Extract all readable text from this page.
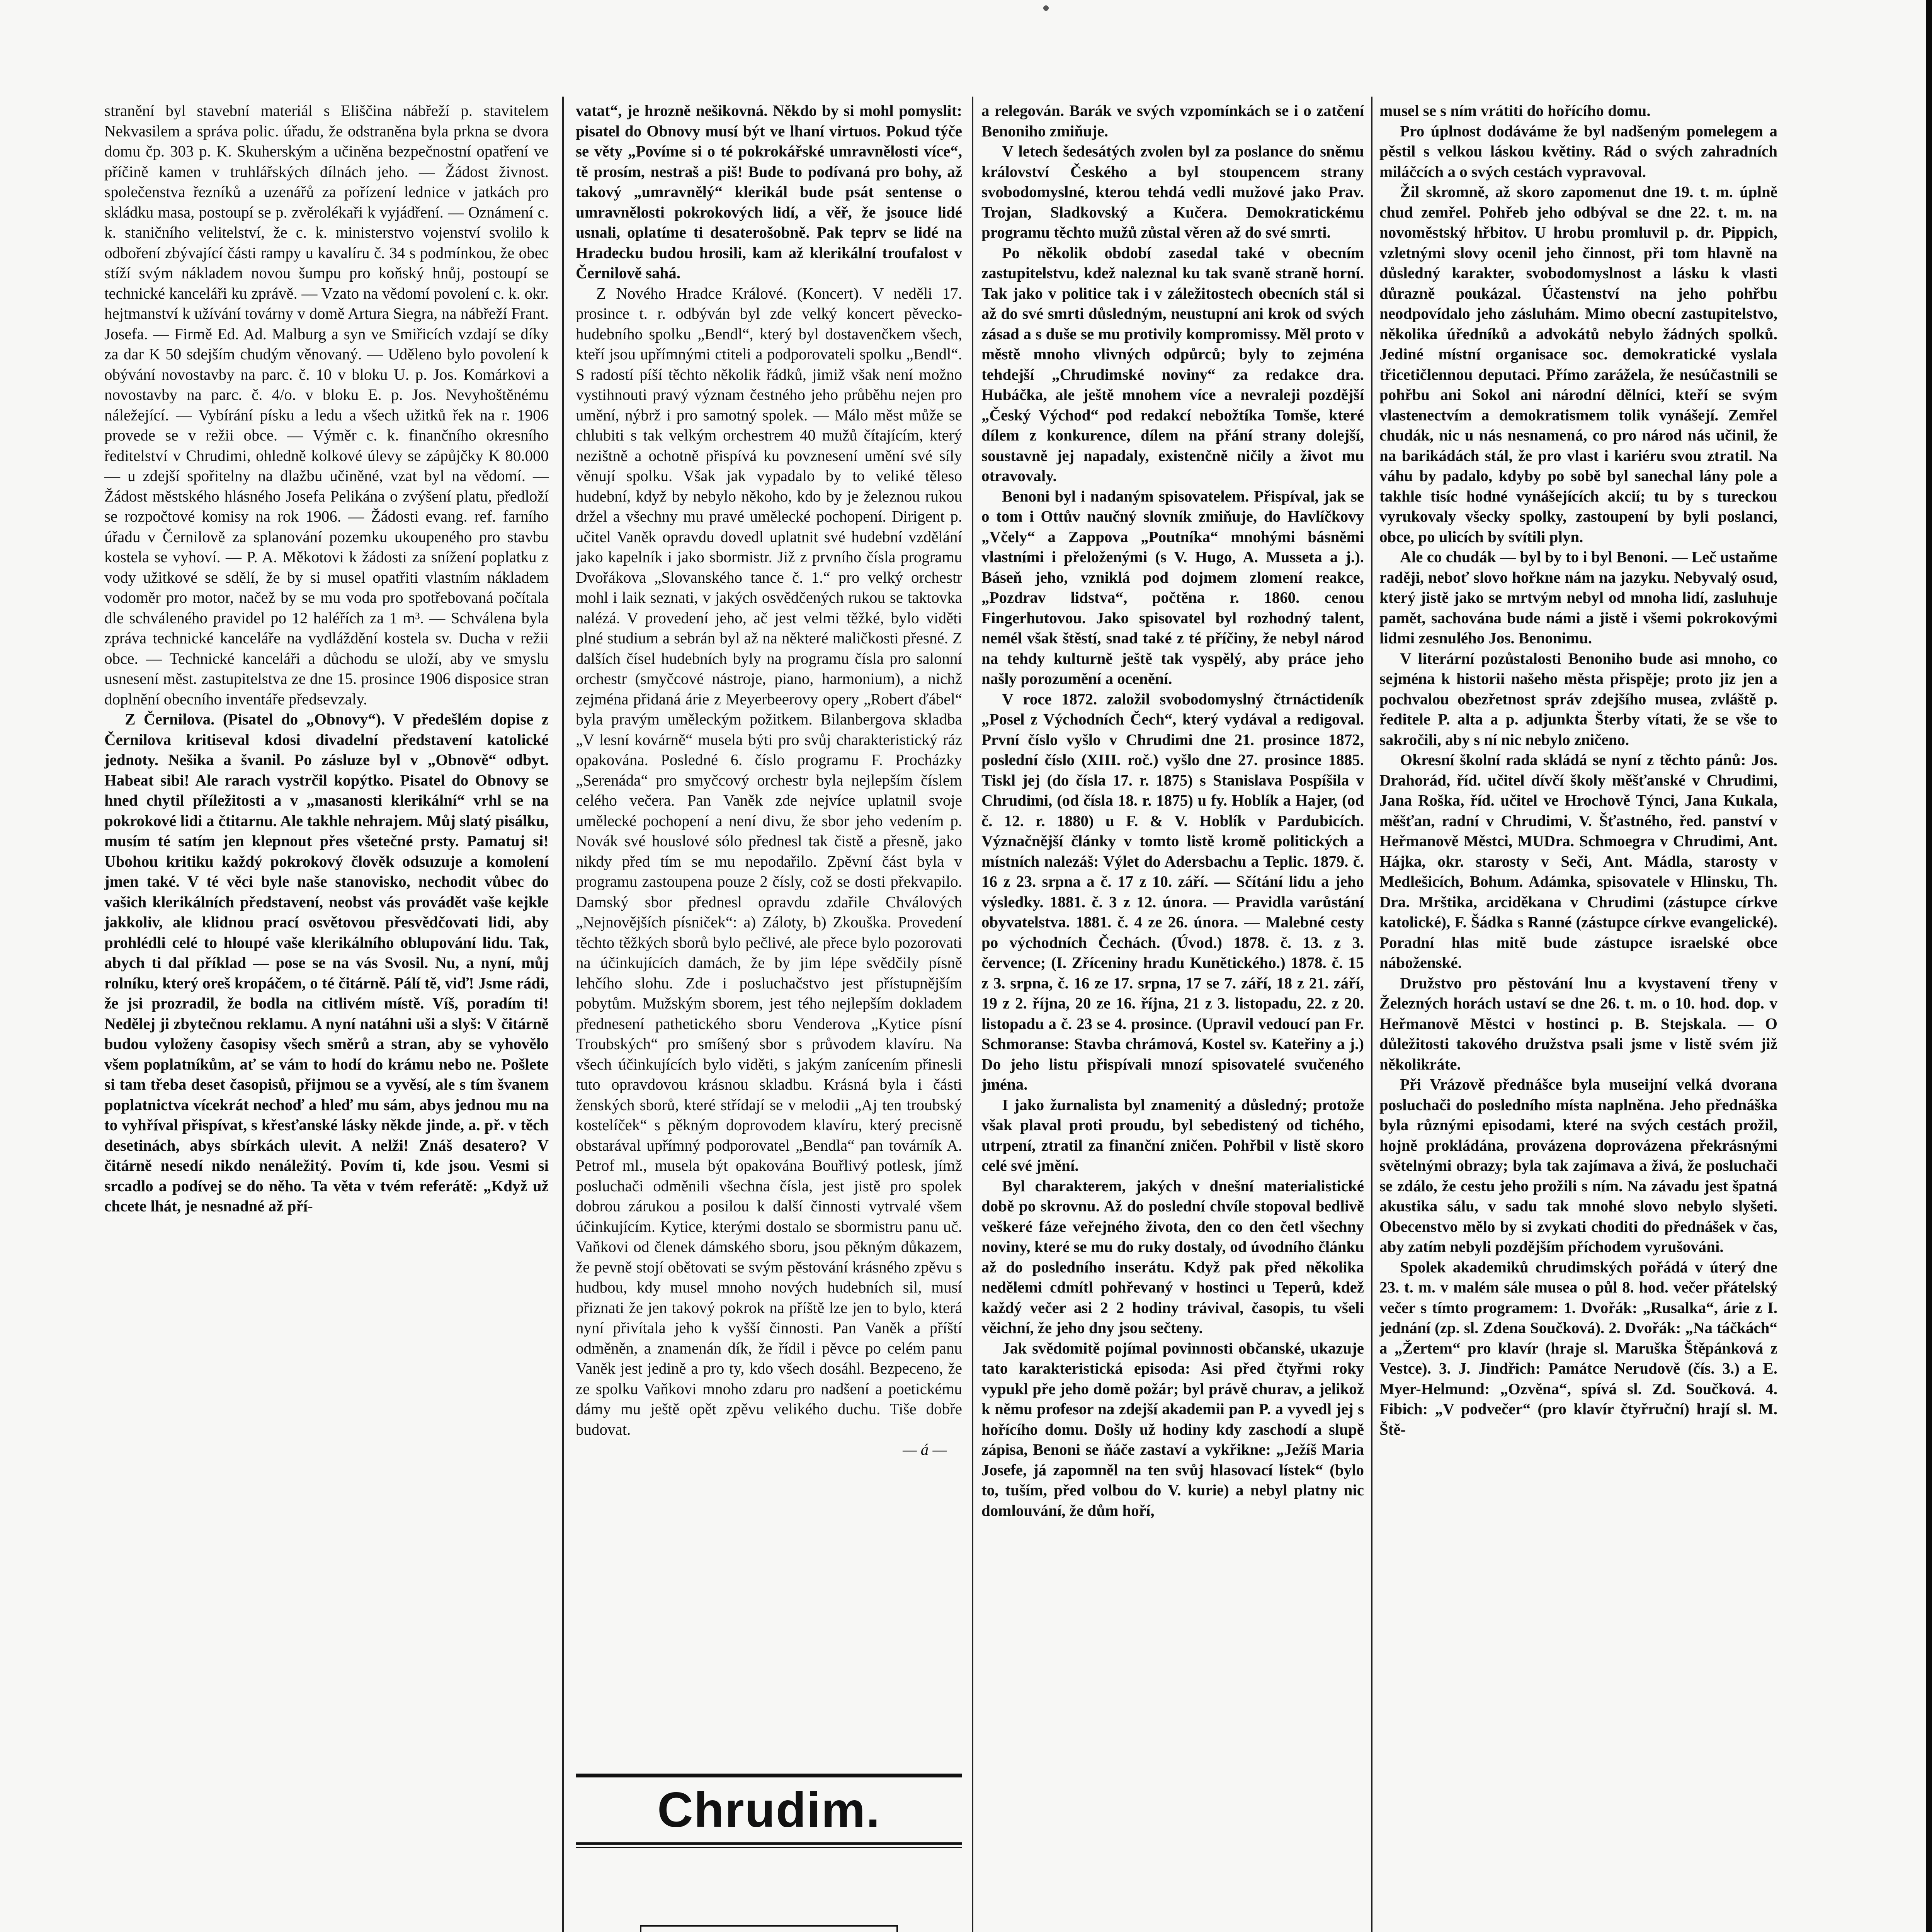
stranění byl stavební materiál s Eliščina nábřeží p. stavitelem Nekvasilem a správa polic. úřadu, že odstraněna byla prkna se dvora domu čp. 303 p. K. Skuherským a učiněna bezpečnostní opatření ve příčině kamen v truhlářských dílnách jeho. — Žádost živnost. společenstva řezníků a uzenářů za pořízení lednice v jatkách pro skládku masa, postoupí se p. zvěrolékaři k vyjádření. — Oznámení c. k. staničního velitelství, že c. k. ministerstvo vojenství svolilo k odboření zbývající části rampy u kavalíru č. 34 s podmínkou, že obec stíží svým nákladem novou šumpu pro koňský hnůj, postoupí se technické kanceláři ku zprávě. — Vzato na vědomí povolení c. k. okr. hejtmanství k užívání továrny v domě Artura Siegra, na nábřeží Frant. Josefa. — Firmě Ed. Ad. Malburg a syn ve Smiřicích vzdají se díky za dar K 50 sdejším chudým věnovaný. — Uděleno bylo povolení k obývání novostavby na parc. č. 10 v bloku U. p. Jos. Komárkovi a novostavby na parc. č. 4/o. v bloku E. p. Jos. Nevyhoštěnému náležející. — Vybírání písku a ledu a všech užitků řek na r. 1906 provede se v režii obce. — Výměr c. k. finančního okresního ředitelství v Chrudimi, ohledně kolkové úlevy se zápůjčky K 80.000 — u zdejší spořitelny na dlažbu učiněné, vzat byl na vědomí. — Žádost městského hlásného Josefa Pelikána o zvýšení platu, předloží se rozpočtové komisy na rok 1906. — Žádosti evang. ref. farního úřadu v Černilově za splanování pozemku ukoupeného pro stavbu kostela se vyhoví. — P. A. Měkotovi k žádosti za snížení poplatku z vody užitkové se sdělí, že by si musel opatřiti vlastním nákladem vodoměr pro motor, načež by se mu voda pro spotřebovaná počítala dle schváleného pravidel po 12 haléřích za 1 m³. — Schválena byla zpráva technické kanceláře na vydláždění kostela sv. Ducha v režii obce. — Technické kanceláři a důchodu se uloží, aby ve smyslu usnesení měst. zastupitelstva ze dne 15. prosince 1906 disposice stran doplnění obecního inventáře předsevzaly.

Z Černilova. (Pisatel do „Obnovy“). V předešlém dopise z Černilova kritiseval kdosi divadelní představení katolické jednoty. Nešika a švanil. Po zásluze byl v „Obnově“ odbyt. Habeat sibi! Ale rarach vystrčil kopýtko. Pisatel do Obnovy se hned chytil příležitosti a v „masanosti klerikální“ vrhl se na pokrokové lidi a čtitarnu. Ale takhle nehrajem. Můj slatý pisálku, musím té satím jen klepnout přes všetečné prsty. Pamatuj si! Ubohou kritiku každý pokrokový člověk odsuzuje a komolení jmen také. V té věci byle naše stanovisko, nechodit vůbec do vašich klerikálních představení, neobst vás provádět vaše kejkle jakkoliv, ale klidnou prací osvětovou přesvědčovati lidi, aby prohlédli celé to hloupé vaše klerikálního oblupování lidu. Tak, abych ti dal příklad — pose se na vás Svosil. Nu, a nyní, můj rolníku, který oreš kropáčem, o té čitárně. Pálí tě, viď! Jsme rádi, že jsi prozradil, že bodla na citlivém místě. Víš, poradím ti! Nedělej ji zbytečnou reklamu. A nyní natáhni uši a slyš: V čitárně budou vyloženy časopisy všech směrů a stran, aby se vyhovělo všem poplatníkům, ať se vám to hodí do krámu nebo ne. Pošlete si tam třeba deset časopisů, přijmou se a vyvěsí, ale s tím švanem poplatnictva vícekrát nechoď a hleď mu sám, abys jednou mu na to vyhříval přispívat, s křesťanské lásky někde jinde, a. př. v těch desetinách, abys sbírkách ulevit. A nelži! Znáš desatero? V čitárně nesedí nikdo nenáležitý. Povím ti, kde jsou. Vesmi si srcadlo a podívej se do něho. Ta věta v tvém referátě: „Když už chcete lhát, je nesnadné až pří-

vatat“, je hrozně nešikovná. Někdo by si mohl pomyslit: pisatel do Obnovy musí být ve lhaní virtuos. Pokud týče se věty „Povíme si o té pokrokářské umravnělosti více“, tě prosím, nestraš a piš! Bude to podívaná pro bohy, až takový „umravnělý“ klerikál bude psát sentense o umravnělosti pokrokových lidí, a věř, že jsouce lidé usnali, oplatíme ti desaterošobně. Pak teprv se lidé na Hradecku budou hrosili, kam až klerikální troufalost v Černilově sahá.

Z Nového Hradce Králové. (Koncert). V neděli 17. prosince t. r. odbýván byl zde velký koncert pěvecko-hudebního spolku „Bendl“, který byl dostavenčkem všech, kteří jsou upřímnými ctiteli a podporovateli spolku „Bendl“. S radostí píší těchto několik řádků, jimiž však není možno vystihnouti pravý význam čestného jeho průběhu nejen pro umění, nýbrž i pro samotný spolek. — Málo měst může se chlubiti s tak velkým orchestrem 40 mužů čítajícím, který nezištně a ochotně přispívá ku povznesení umění své síly věnují spolku. Však jak vypadalo by to veliké těleso hudební, když by nebylo někoho, kdo by je železnou rukou držel a všechny mu pravé umělecké pochopení. Dirigent p. učitel Vaněk opravdu dovedl uplatnit své hudební vzdělání jako kapelník i jako sbormistr. Již z prvního čísla programu Dvořákova „Slovanského tance č. 1.“ pro velký orchestr mohl i laik seznati, v jakých osvědčených rukou se taktovka nalézá. V provedení jeho, ač jest velmi těžké, bylo viděti plné studium a sebrán byl až na některé maličkosti přesné. Z dalších čísel hudebních byly na programu čísla pro salonní orchestr (smyčcové nástroje, piano, harmonium), a nichž zejména přidaná árie z Meyerbeerovy opery „Robert ďábel“ byla pravým uměleckým požitkem. Bilanbergova skladba „V lesní kovárně“ musela býti pro svůj charakteristický ráz opakována. Posledné 6. číslo programu F. Procházky „Serenáda“ pro smyčcový orchestr byla nejlepším číslem celého večera. Pan Vaněk zde nejvíce uplatnil svoje umělecké pochopení a není divu, že sbor jeho vedením p. Novák své houslové sólo přednesl tak čistě a přesně, jako nikdy před tím se mu nepodařilo. Zpěvní část byla v programu zastoupena pouze 2 čísly, což se dosti překvapilo. Damský sbor přednesl opravdu zdařile Chválových „Nejnovějších písniček“: a) Záloty, b) Zkouška. Provedení těchto těžkých sborů bylo pečlivé, ale přece bylo pozorovati na účinkujících damách, že by jim lépe svědčily písně lehčího slohu. Zde i posluchačstvo jest přístupnějším pobytům. Mužským sborem, jest tého nejlepším dokladem přednesení pathetického sboru Venderova „Kytice písní Troubských“ pro smíšený sbor s průvodem klavíru. Na všech účinkujících bylo viděti, s jakým zanícením přinesli tuto opravdovou krásnou skladbu. Krásná byla i části ženských sborů, které střídají se v melodii „Aj ten troubský kostelíček“ s pěkným doprovodem klavíru, který precisně obstarával upřímný podporovatel „Bendla“ pan továrník A. Petrof ml., musela být opakována Bouřlivý potlesk, jímž posluchači odměnili všechna čísla, jest jistě pro spolek dobrou zárukou a posilou k další činnosti vytrvalé všem účinkujícím. Kytice, kterými dostalo se sbormistru panu uč. Vaňkovi od členek dámského sboru, jsou pěkným důkazem, že pevně stojí obětovati se svým pěstování krásného zpěvu s hudbou, kdy musel mnoho nových hudebních sil, musí přiznati že jen takový pokrok na příště lze jen to bylo, která nyní přivítala jeho k vyšší činnosti. Pan Vaněk a příští odměněn, a znamenán dík, že řídil i pěvce po celém panu Vaněk jest jedině a pro ty, kdo všech dosáhl. Bezpeceno, že ze spolku Vaňkovi mnoho zdaru pro nadšení a poetickému dámy mu ještě opět zpěvu velikého duchu. Tiše dobře budovat.

— á —

Chrudim.

a relegován. Barák ve svých vzpomínkách se i o zatčení Benoniho zmiňuje.

V letech šedesátých zvolen byl za poslance do sněmu království Českého a byl stoupencem strany svobodomyslné, kterou tehdá vedli mužové jako Prav. Trojan, Sladkovský a Kučera. Demokratickému programu těchto mužů zůstal věren až do své smrti.

Po několik období zasedal také v obecním zastupitelstvu, kdež naleznal ku tak svaně straně horní. Tak jako v politice tak i v záležitostech obecních stál si až do své smrti důsledným, neustupní ani krok od svých zásad a s duše se mu protivily kompromissy. Měl proto v městě mnoho vlivných odpůrců; byly to zejména tehdejší „Chrudimské noviny“ za redakce dra. Hubáčka, ale ještě mnohem více a nevraleji pozdější „Český Východ“ pod redakcí nebožtíka Tomše, které dílem z konkurence, dílem na přání strany dolejší, soustavně jej napadaly, existenčně ničily a život mu otravovaly.

Benoni byl i nadaným spisovatelem. Přispíval, jak se o tom i Ottův naučný slovník zmiňuje, do Havlíčkovy „Včely“ a Zappova „Poutníka“ mnohými básněmi vlastními i přeloženými (s V. Hugo, A. Musseta a j.). Báseň jeho, vzniklá pod dojmem zlomení reakce, „Pozdrav lidstva“, počtěna r. 1860. cenou Fingerhutovou. Jako spisovatel byl rozhodný talent, nemél však štěstí, snad také z té příčiny, že nebyl národ na tehdy kulturně ještě tak vyspělý, aby práce jeho našly porozumění a ocenění.

V roce 1872. založil svobodomyslný čtrnáctideník „Posel z Východních Čech“, který vydával a redigoval. První číslo vyšlo v Chrudimi dne 21. prosince 1872, poslední číslo (XIII. roč.) vyšlo dne 27. prosince 1885. Tiskl jej (do čísla 17. r. 1875) s Stanislava Pospíšila v Chrudimi, (od čísla 18. r. 1875) u fy. Hoblík a Hajer, (od č. 12. r. 1880) u F. & V. Hoblík v Pardubicích. Význačnější články v tomto listě kromě politických a místních nalezáš: Výlet do Adersbachu a Teplic. 1879. č. 16 z 23. srpna a č. 17 z 10. září. — Sčítání lidu a jeho výsledky. 1881. č. 3 z 12. února. — Pravidla varůstání obyvatelstva. 1881. č. 4 ze 26. února. — Malebné cesty po východních Čechách. (Úvod.) 1878. č. 13. z 3. července; (I. Zříceniny hradu Kunětického.) 1878. č. 15 z 3. srpna, č. 16 ze 17. srpna, 17 se 7. září, 18 z 21. září, 19 z 2. října, 20 ze 16. října, 21 z 3. listopadu, 22. z 20. listopadu a č. 23 se 4. prosince. (Upravil vedoucí pan Fr. Schmoranse: Stavba chrámová, Kostel sv. Kateřiny a j.) Do jeho listu přispívali mnozí spisovatelé svučeného jména.

I jako žurnalista byl znamenitý a důsledný; protože však plaval proti proudu, byl sebedistený od tichého, utrpení, ztratil za finanční zničen. Pohřbil v listě skoro celé své jmění.

Byl charakterem, jakých v dnešní materialistické době po skrovnu. Až do poslední chvíle stopoval bedlivě veškeré fáze veřejného života, den co den četl všechny noviny, které se mu do ruky dostaly, od úvodního článku až do posledního inserátu. Když pak před několika nedělemi cdmítl pohřevaný v hostinci u Teperů, kdež každý večer asi 2 2 hodiny trávival, časopis, tu všeli věichní, že jeho dny jsou sečteny.

Jak svědomitě pojímal povinnosti občanské, ukazuje tato karakteristická episoda: Asi před čtyřmi roky vypukl pře jeho domě požár; byl právě churav, a jelikož k němu profesor na zdejší akademii pan P. a vyvedl jej s hořícího domu. Došly už hodiny kdy zaschodí a slupě zápisa, Benoni se ňáče zastaví a vykřikne: „Ježíš Maria Josefe, já zapomněl na ten svůj hlasovací lístek“ (bylo to, tuším, před volbou do V. kurie) a nebyl platny nic domlouvání, že dům hoří,

musel se s ním vrátiti do hořícího domu.

Pro úplnost dodáváme že byl nadšeným pomelegem a pěstil s velkou láskou květiny. Rád o svých zahradních miláčcích a o svých cestách vypravoval.

Žil skromně, až skoro zapomenut dne 19. t. m. úplně chud zemřel. Pohřeb jeho odbýval se dne 22. t. m. na novoměstský hřbitov. U hrobu promluvil p. dr. Pippich, vzletnými slovy ocenil jeho činnost, při tom hlavně na důsledný karakter, svobodomyslnost a lásku k vlasti důrazně poukázal. Účastenství na jeho pohřbu neodpovídalo jeho zásluhám. Mimo obecní zastupitelstvo, několika úředníků a advokátů nebylo žádných spolků. Jediné místní organisace soc. demokratické vyslala třicetičlennou deputaci. Přímo zarážela, že nesúčastnili se pohřbu ani Sokol ani národní dělníci, kteří se svým vlastenectvím a demokratismem tolik vynášejí. Zemřel chudák, nic u nás nesnamená, co pro národ nás učinil, že na barikádách stál, že pro vlast i kariéru svou ztratil. Na váhu by padalo, kdyby po sobě byl sanechal lány pole a takhle tisíc hodné vynášejících akcií; tu by s tureckou vyrukovaly všecky spolky, zastoupení by byli poslanci, obce, po ulicích by svítili plyn.

Ale co chudák — byl by to i byl Benoni. — Leč ustaňme raději, neboť slovo hořkne nám na jazyku. Nebyvalý osud, který jistě jako se mrtvým nebyl od mnoha lidí, zasluhuje pamět, sachována bude námi a jistě i všemi pokrokovými lidmi zesnulého Jos. Benonimu.

V literární pozůstalosti Benoniho bude asi mnoho, co sejména k historii našeho města přispěje; proto jiz jen a pochvalou obezřetnost správ zdejšího musea, zvláště p. ředitele P. alta a p. adjunkta Šterby vítati, že se vše to sakročili, aby s ní nic nebylo zničeno.

Okresní školní rada skládá se nyní z těchto pánů: Jos. Drahorád, říd. učitel dívčí školy měšťanské v Chrudimi, Jana Roška, říd. učitel ve Hrochově Týnci, Jana Kukala, měšťan, radní v Chrudimi, V. Šťastného, řed. panství v Heřmanově Městci, MUDra. Schmoegra v Chrudimi, Ant. Hájka, okr. starosty v Seči, Ant. Mádla, starosty v Medlešicích, Bohum. Adámka, spisovatele v Hlinsku, Th. Dra. Mrštika, arciděkana v Chrudimi (zástupce církve katolické), F. Šádka s Ranné (zástupce církve evangelické). Poradní hlas mitě bude zástupce israelské obce náboženské.

Družstvo pro pěstování lnu a kvystavení třeny v Železných horách ustaví se dne 26. t. m. o 10. hod. dop. v Heřmanově Městci v hostinci p. B. Stejskala. — O důležitosti takového družstva psali jsme v listě svém již několikráte.

Při Vrázově přednášce byla museijní velká dvorana posluchači do posledního místa naplněna. Jeho přednáška byla různými episodami, které na svých cestách prožil, hojně prokládána, provázena doprovázena překrásnými světelnými obrazy; byla tak zajímava a živá, že posluchači se zdálo, že cestu jeho prožili s ním. Na závadu jest špatná akustika sálu, v sadu tak mnohé slovo nebylo slyšeti. Obecenstvo mělo by si zvykati choditi do přednášek v čas, aby zatím nebyli pozdějším příchodem vyrušováni.

Spolek akademiků chrudimských pořádá v úterý dne 23. t. m. v malém sále musea o půl 8. hod. večer přátelský večer s tímto programem: 1. Dvořák: „Rusalka“, árie z I. jednání (zp. sl. Zdena Součková). 2. Dvořák: „Na táčkách“ a „Žertem“ pro klavír (hraje sl. Maruška Štěpánková z Vestce). 3. J. Jindřich: Památce Nerudově (čís. 3.) a E. Myer-Helmund: „Ozvěna“, spívá sl. Zd. Součková. 4. Fibich: „V podvečer“ (pro klavír čtyřruční) hrají sl. M. Ště-
